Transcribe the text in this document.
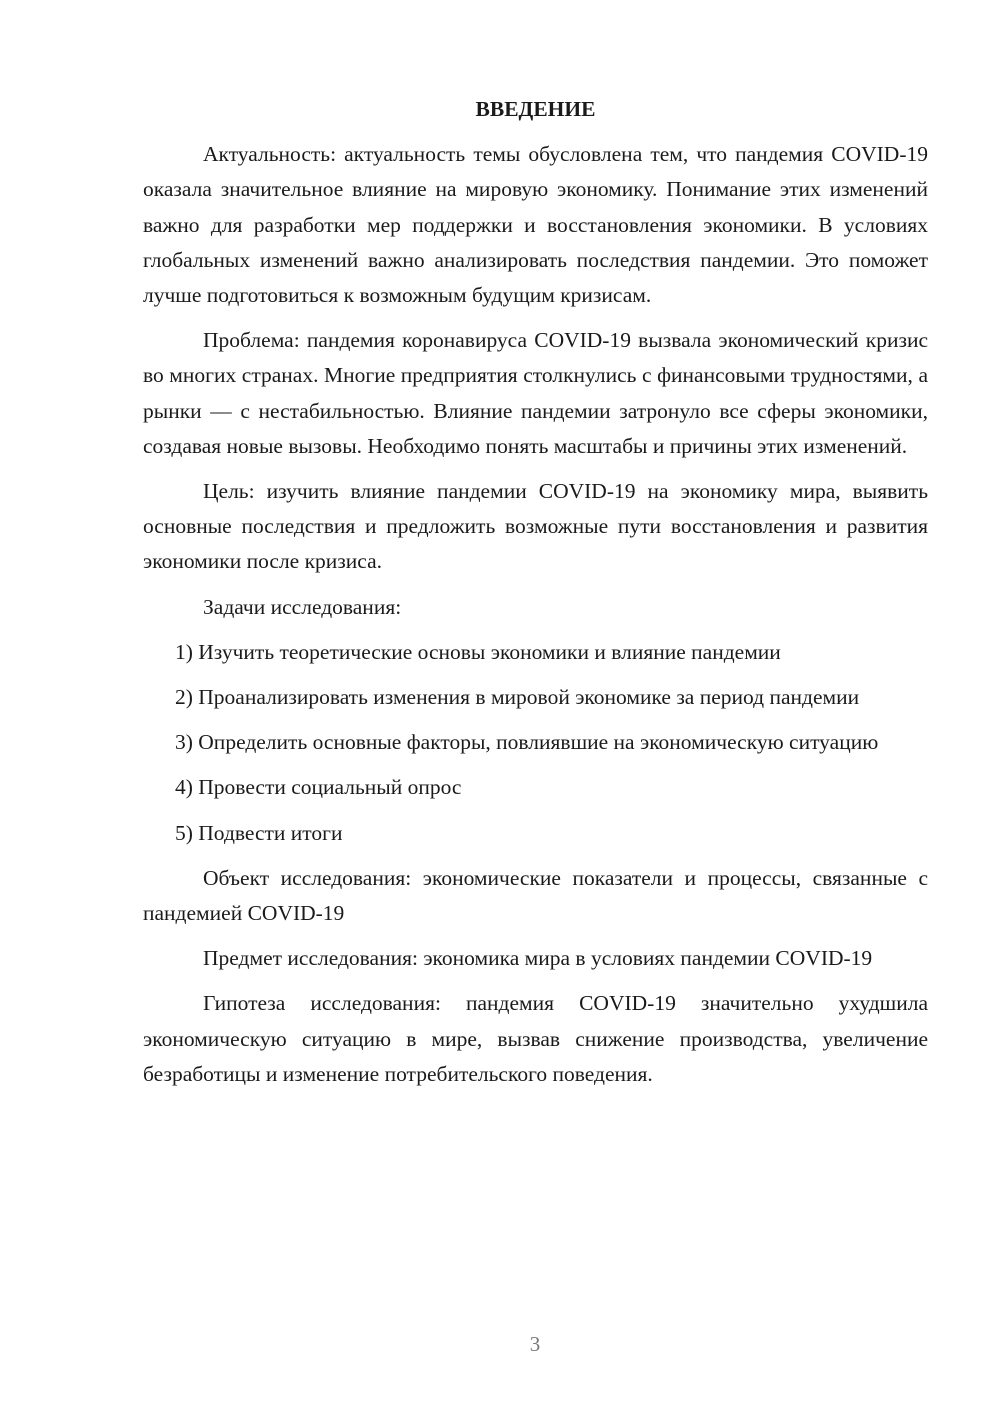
ВВЕДЕНИЕ

Актуальность: актуальность темы обусловлена тем, что пандемия COVID-19 оказала значительное влияние на мировую экономику. Понимание этих изменений важно для разработки мер поддержки и восстановления экономики. В условиях глобальных изменений важно анализировать последствия пандемии. Это поможет лучше подготовиться к возможным будущим кризисам.

Проблема: пандемия коронавируса COVID-19 вызвала экономический кризис во многих странах. Многие предприятия столкнулись с финансовыми трудностями, а рынки — с нестабильностью. Влияние пандемии затронуло все сферы экономики, создавая новые вызовы. Необходимо понять масштабы и причины этих изменений.

Цель: изучить влияние пандемии COVID-19 на экономику мира, выявить основные последствия и предложить возможные пути восстановления и развития экономики после кризиса.

Задачи исследования:

1) Изучить теоретические основы экономики и влияние пандемии

2) Проанализировать изменения в мировой экономике за период пандемии

3) Определить основные факторы, повлиявшие на экономическую ситуацию

4) Провести социальный опрос

5) Подвести итоги

Объект исследования: экономические показатели и процессы, связанные с пандемией COVID-19

Предмет исследования: экономика мира в условиях пандемии COVID-19

Гипотеза исследования: пандемия COVID-19 значительно ухудшила экономическую ситуацию в мире, вызвав снижение производства, увеличение безработицы и изменение потребительского поведения.

3
